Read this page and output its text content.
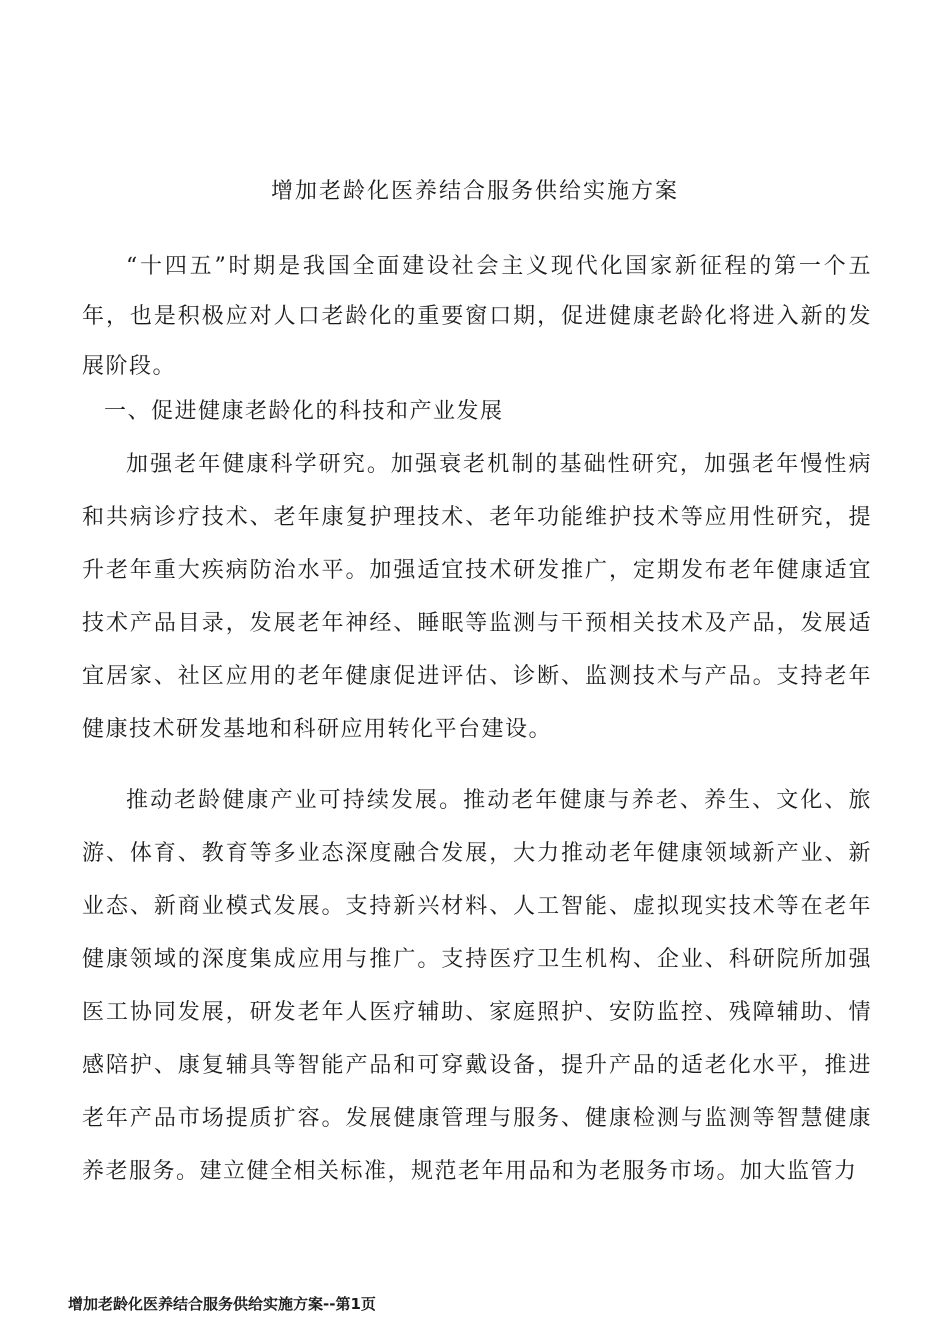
增加老龄化医养结合服务供给实施方案

“十四五”时期是我国全面建设社会主义现代化国家新征程的第一个五年，也是积极应对人口老龄化的重要窗口期，促进健康老龄化将进入新的发展阶段。

一、促进健康老龄化的科技和产业发展

加强老年健康科学研究。加强衰老机制的基础性研究，加强老年慢性病和共病诊疗技术、老年康复护理技术、老年功能维护技术等应用性研究，提升老年重大疾病防治水平。加强适宜技术研发推广，定期发布老年健康适宜技术产品目录，发展老年神经、睡眠等监测与干预相关技术及产品，发展适宜居家、社区应用的老年健康促进评估、诊断、监测技术与产品。支持老年健康技术研发基地和科研应用转化平台建设。

推动老龄健康产业可持续发展。推动老年健康与养老、养生、文化、旅游、体育、教育等多业态深度融合发展，大力推动老年健康领域新产业、新业态、新商业模式发展。支持新兴材料、人工智能、虚拟现实技术等在老年健康领域的深度集成应用与推广。支持医疗卫生机构、企业、科研院所加强医工协同发展，研发老年人医疗辅助、家庭照护、安防监控、残障辅助、情感陪护、康复辅具等智能产品和可穿戴设备，提升产品的适老化水平，推进老年产品市场提质扩容。发展健康管理与服务、健康检测与监测等智慧健康养老服务。建立健全相关标准，规范老年用品和为老服务市场。加大监管力

增加老龄化医养结合服务供给实施方案--第1页
